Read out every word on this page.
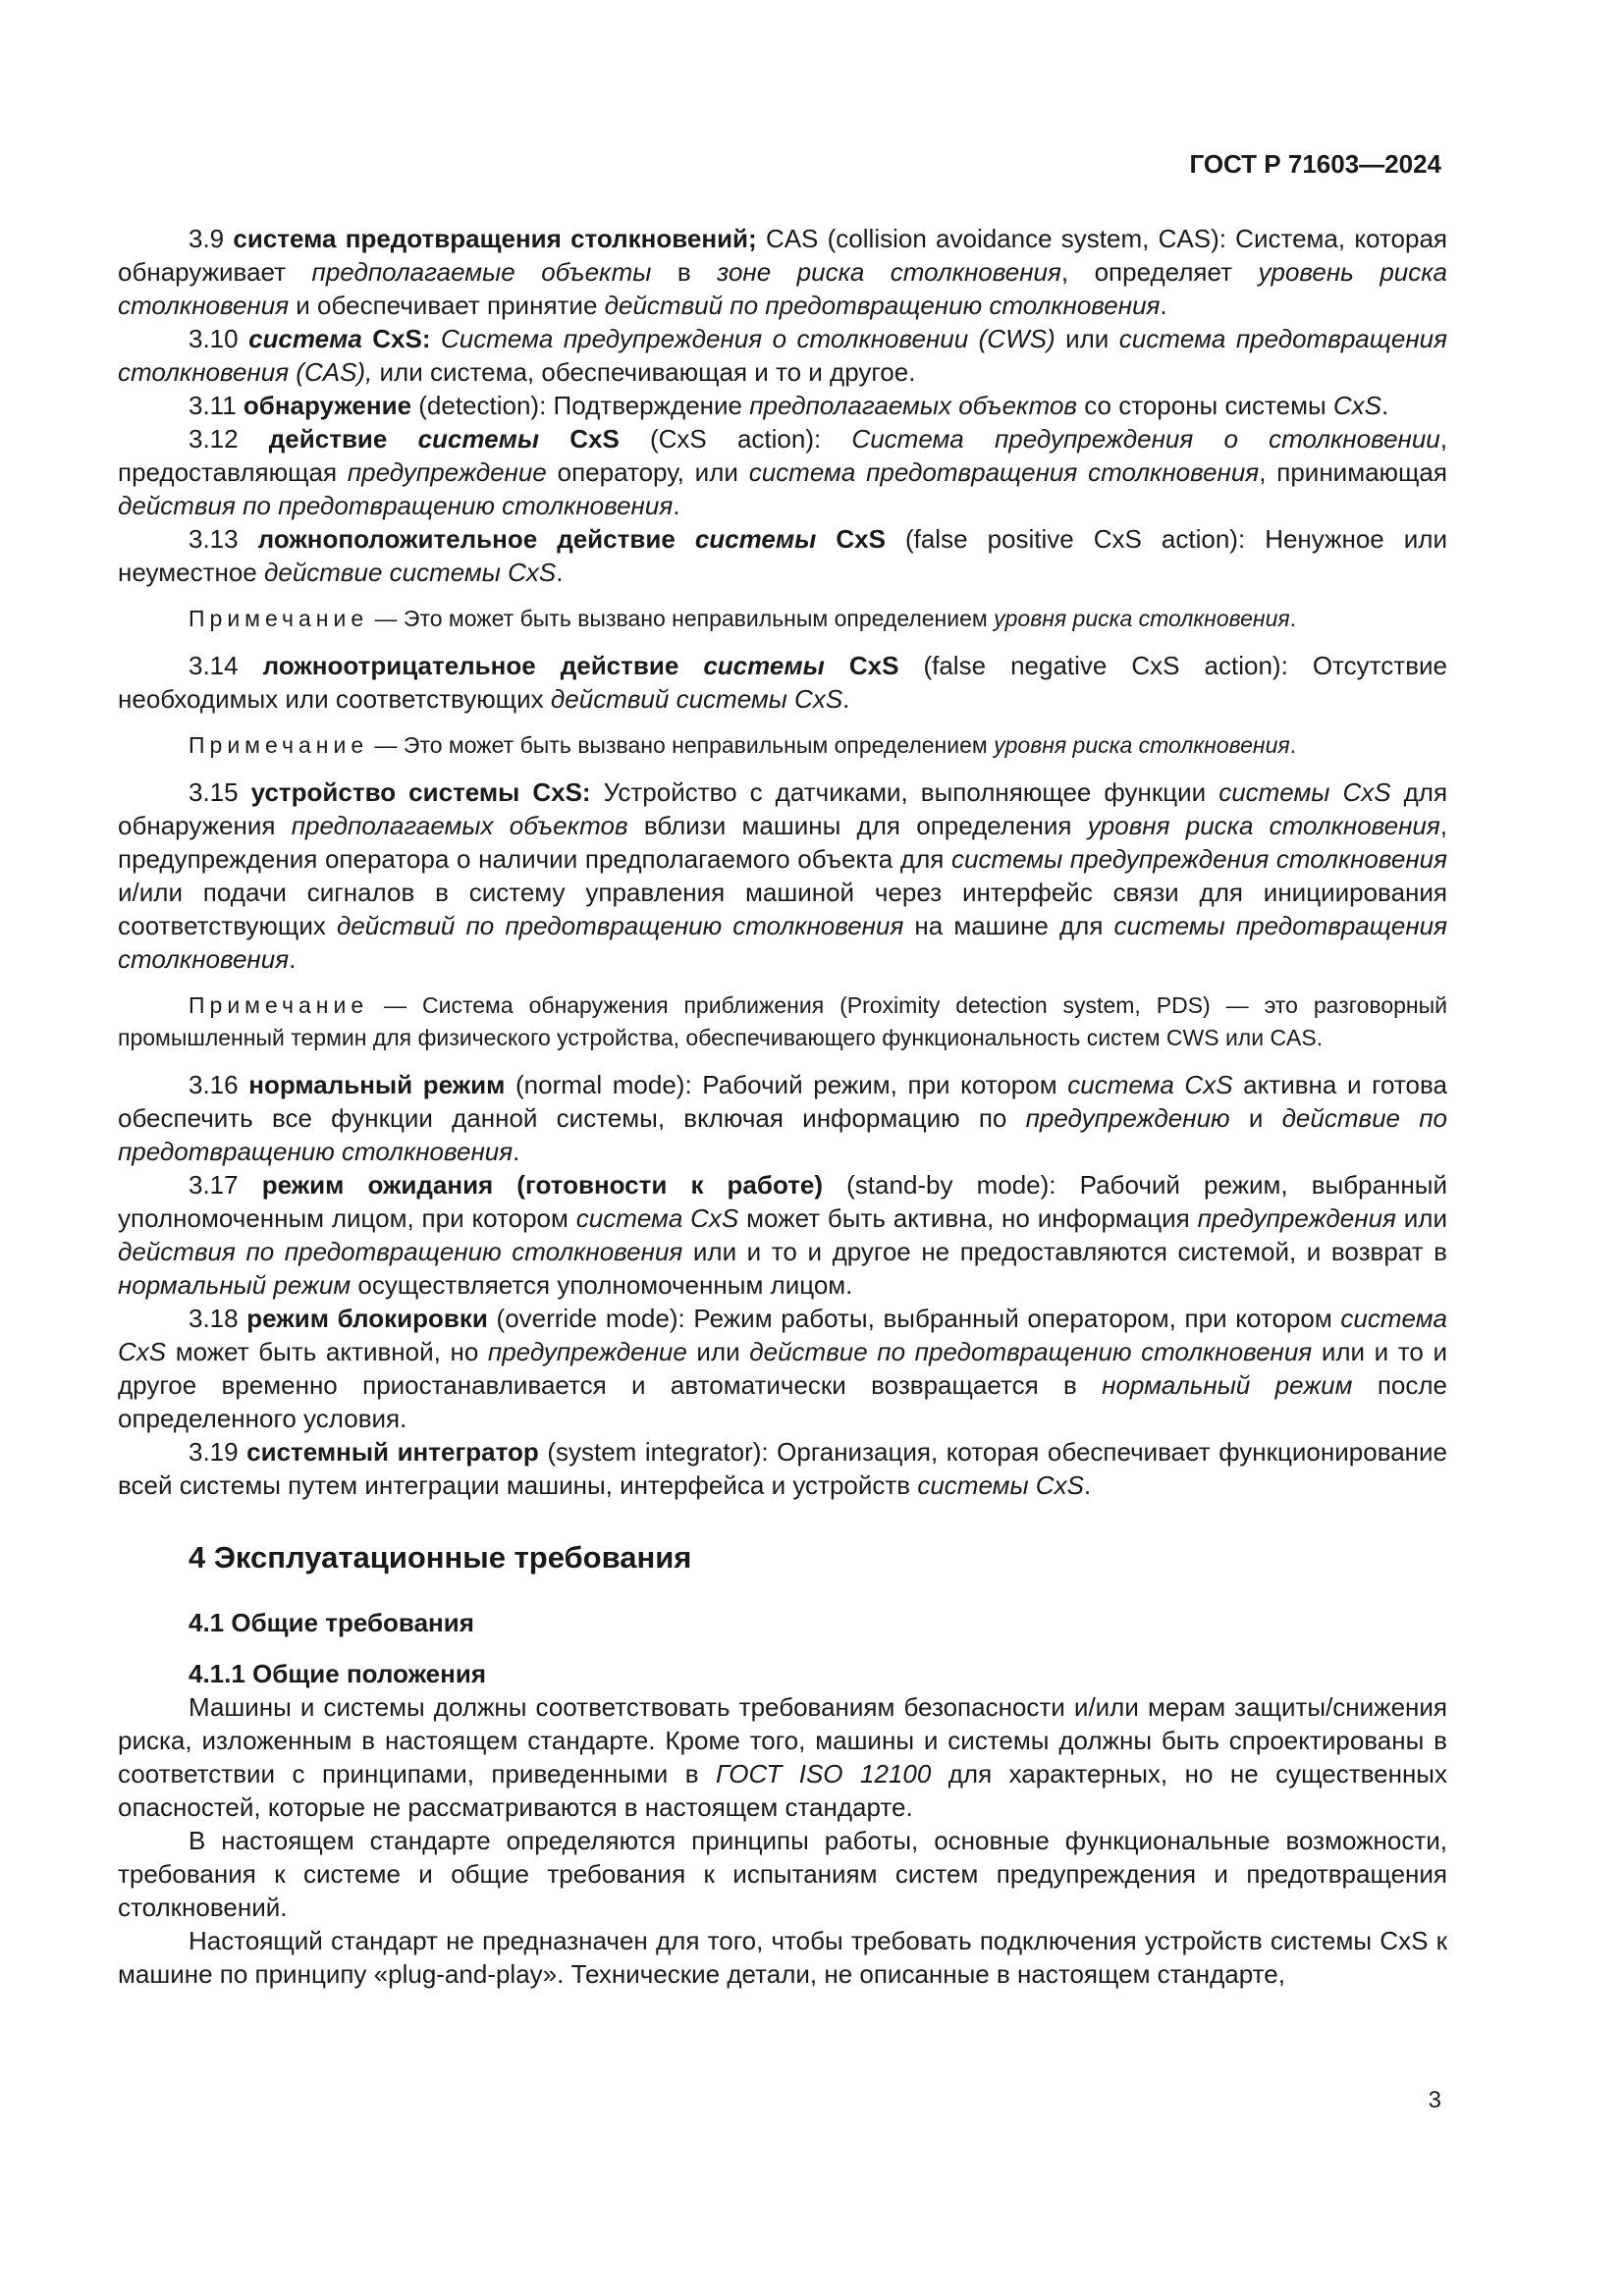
ГОСТ Р 71603—2024

3.9 система предотвращения столкновений; CAS (collision avoidance system, CAS): Система, которая обнаруживает предполагаемые объекты в зоне риска столкновения, определяет уровень риска столкновения и обеспечивает принятие действий по предотвращению столкновения.

3.10 система CxS: Система предупреждения о столкновении (CWS) или система предотвращения столкновения (CAS), или система, обеспечивающая и то и другое.

3.11 обнаружение (detection): Подтверждение предполагаемых объектов со стороны системы CxS.

3.12 действие системы CxS (CxS action): Система предупреждения о столкновении, предоставляющая предупреждение оператору, или система предотвращения столкновения, принимающая действия по предотвращению столкновения.

3.13 ложноположительное действие системы CxS (false positive CxS action): Ненужное или неуместное действие системы CxS.

Примечание — Это может быть вызвано неправильным определением уровня риска столкновения.

3.14 ложноотрицательное действие системы CxS (false negative CxS action): Отсутствие необходимых или соответствующих действий системы CxS.

Примечание — Это может быть вызвано неправильным определением уровня риска столкновения.

3.15 устройство системы CxS: Устройство с датчиками, выполняющее функции системы CxS для обнаружения предполагаемых объектов вблизи машины для определения уровня риска столкновения, предупреждения оператора о наличии предполагаемого объекта для системы предупреждения столкновения и/или подачи сигналов в систему управления машиной через интерфейс связи для инициирования соответствующих действий по предотвращению столкновения на машине для системы предотвращения столкновения.

Примечание — Система обнаружения приближения (Proximity detection system, PDS) — это разговорный промышленный термин для физического устройства, обеспечивающего функциональность систем CWS или CAS.

3.16 нормальный режим (normal mode): Рабочий режим, при котором система CxS активна и готова обеспечить все функции данной системы, включая информацию по предупреждению и действие по предотвращению столкновения.

3.17 режим ожидания (готовности к работе) (stand-by mode): Рабочий режим, выбранный уполномоченным лицом, при котором система CxS может быть активна, но информация предупреждения или действия по предотвращению столкновения или и то и другое не предоставляются системой, и возврат в нормальный режим осуществляется уполномоченным лицом.

3.18 режим блокировки (override mode): Режим работы, выбранный оператором, при котором система CxS может быть активной, но предупреждение или действие по предотвращению столкновения или и то и другое временно приостанавливается и автоматически возвращается в нормальный режим после определенного условия.

3.19 системный интегратор (system integrator): Организация, которая обеспечивает функционирование всей системы путем интеграции машины, интерфейса и устройств системы CxS.

4 Эксплуатационные требования
4.1 Общие требования
4.1.1 Общие положения

Машины и системы должны соответствовать требованиям безопасности и/или мерам защиты/снижения риска, изложенным в настоящем стандарте. Кроме того, машины и системы должны быть спроектированы в соответствии с принципами, приведенными в ГОСТ ISO 12100 для характерных, но не существенных опасностей, которые не рассматриваются в настоящем стандарте.

В настоящем стандарте определяются принципы работы, основные функциональные возможности, требования к системе и общие требования к испытаниям систем предупреждения и предотвращения столкновений.

Настоящий стандарт не предназначен для того, чтобы требовать подключения устройств системы CxS к машине по принципу «plug-and-play». Технические детали, не описанные в настоящем стандарте,

3
